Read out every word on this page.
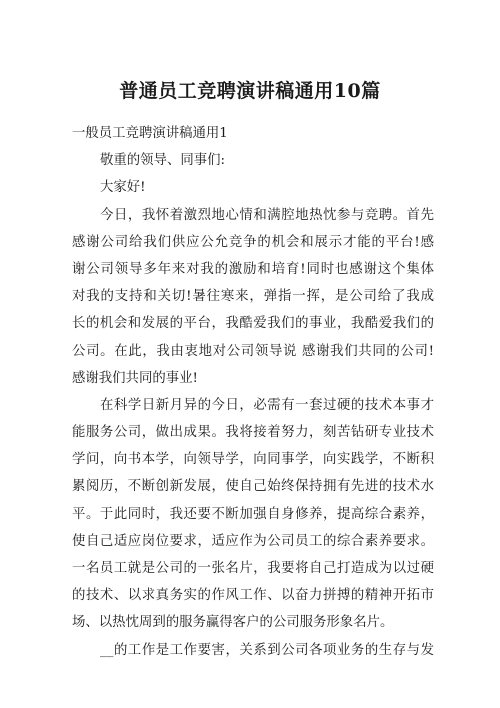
普通员工竞聘演讲稿通用10篇
一般员工竞聘演讲稿通用1
敬重的领导、同事们:
大家好!
今日，我怀着激烈地心情和满腔地热忱参与竞聘。首先
感谢公司给我们供应公允竞争的机会和展示才能的平台!感
谢公司领导多年来对我的激励和培育!同时也感谢这个集体
对我的支持和关切!暑往寒来，弹指一挥，是公司给了我成
长的机会和发展的平台，我酷爱我们的事业，我酷爱我们的
公司。在此，我由衷地对公司领导说 感谢我们共同的公司!
感谢我们共同的事业!
在科学日新月异的今日，必需有一套过硬的技术本事才
能服务公司，做出成果。我将接着努力，刻苦钻研专业技术
学问，向书本学，向领导学，向同事学，向实践学，不断积
累阅历，不断创新发展，使自己始终保持拥有先进的技术水
平。于此同时，我还要不断加强自身修养，提高综合素养，
使自己适应岗位要求，适应作为公司员工的综合素养要求。
一名员工就是公司的一张名片，我要将自己打造成为以过硬
的技术、以求真务实的作风工作、以奋力拼搏的精神开拓市
场、以热忱周到的服务赢得客户的公司服务形象名片。
__的工作是工作要害，关系到公司各项业务的生存与发
